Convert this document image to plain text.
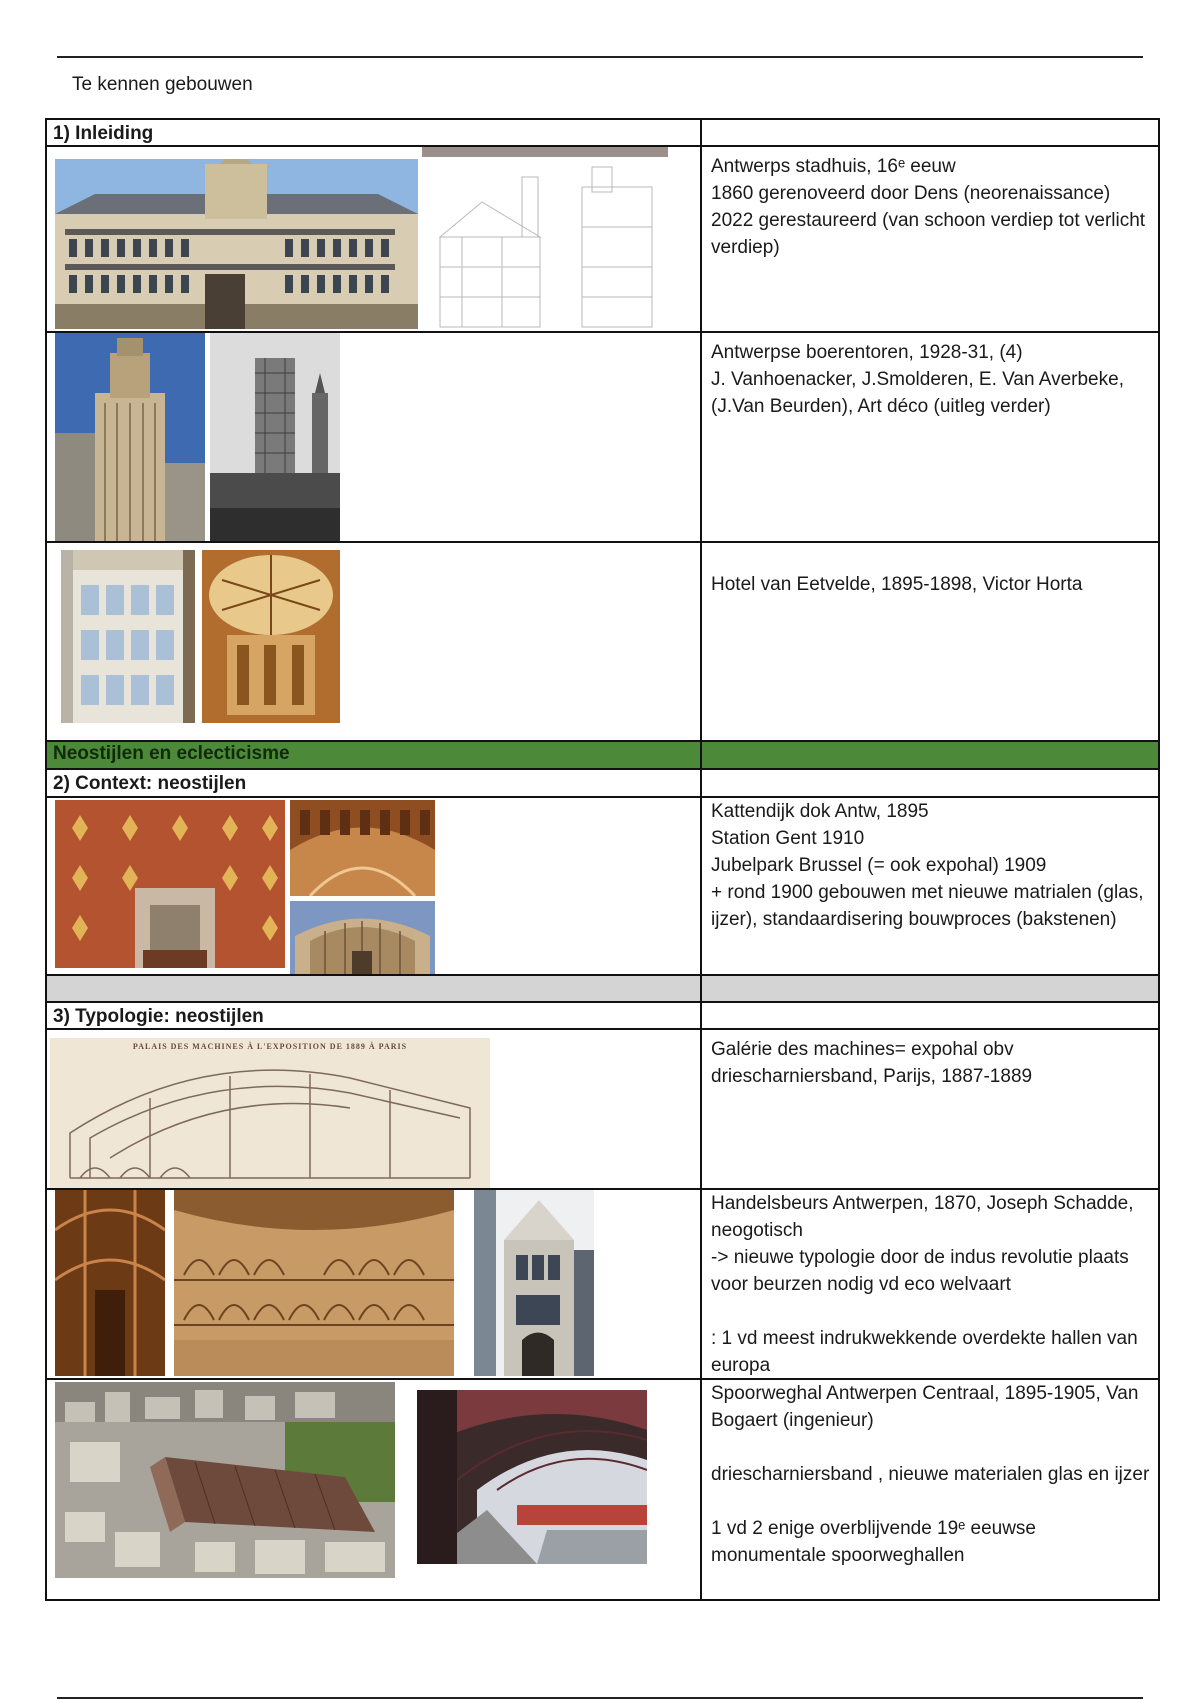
Te kennen gebouwen
1) Inleiding

Antwerps stadhuis, 16ᵉ eeuw

1860 gerenoveerd door Dens (neorenaissance)

2022 gerestaureerd (van schoon verdiep tot verlicht verdiep)

Antwerpse boerentoren, 1928-31, (4)

J. Vanhoenacker, J.Smolderen, E. Van Averbeke, (J.Van Beurden), Art déco (uitleg verder)

Hotel van Eetvelde, 1895-1898, Victor Horta

Neostijlen en eclecticisme
2) Context: neostijlen

Kattendijk dok Antw, 1895

Station Gent 1910

Jubelpark Brussel (= ook expohal) 1909

+ rond 1900 gebouwen met nieuwe matrialen (glas, ijzer), standaardisering bouwproces (bakstenen)

3) Typologie: neostijlen
PALAIS DES MACHINES À L'EXPOSITION DE 1889 À PARIS	Galérie des machines= expohal obv driescharniersband, Parijs, 1887-1889

Handelsbeurs Antwerpen, 1870, Joseph Schadde, neogotisch

-> nieuwe typologie door de indus revolutie plaats voor beurzen nodig vd eco welvaart

: 1 vd meest indrukwekkende overdekte hallen van europa

Spoorweghal Antwerpen Centraal, 1895-1905, Van Bogaert (ingenieur)

driescharniersband , nieuwe materialen glas en ijzer

1 vd 2 enige overblijvende 19ᵉ eeuwse monumentale spoorweghallen
